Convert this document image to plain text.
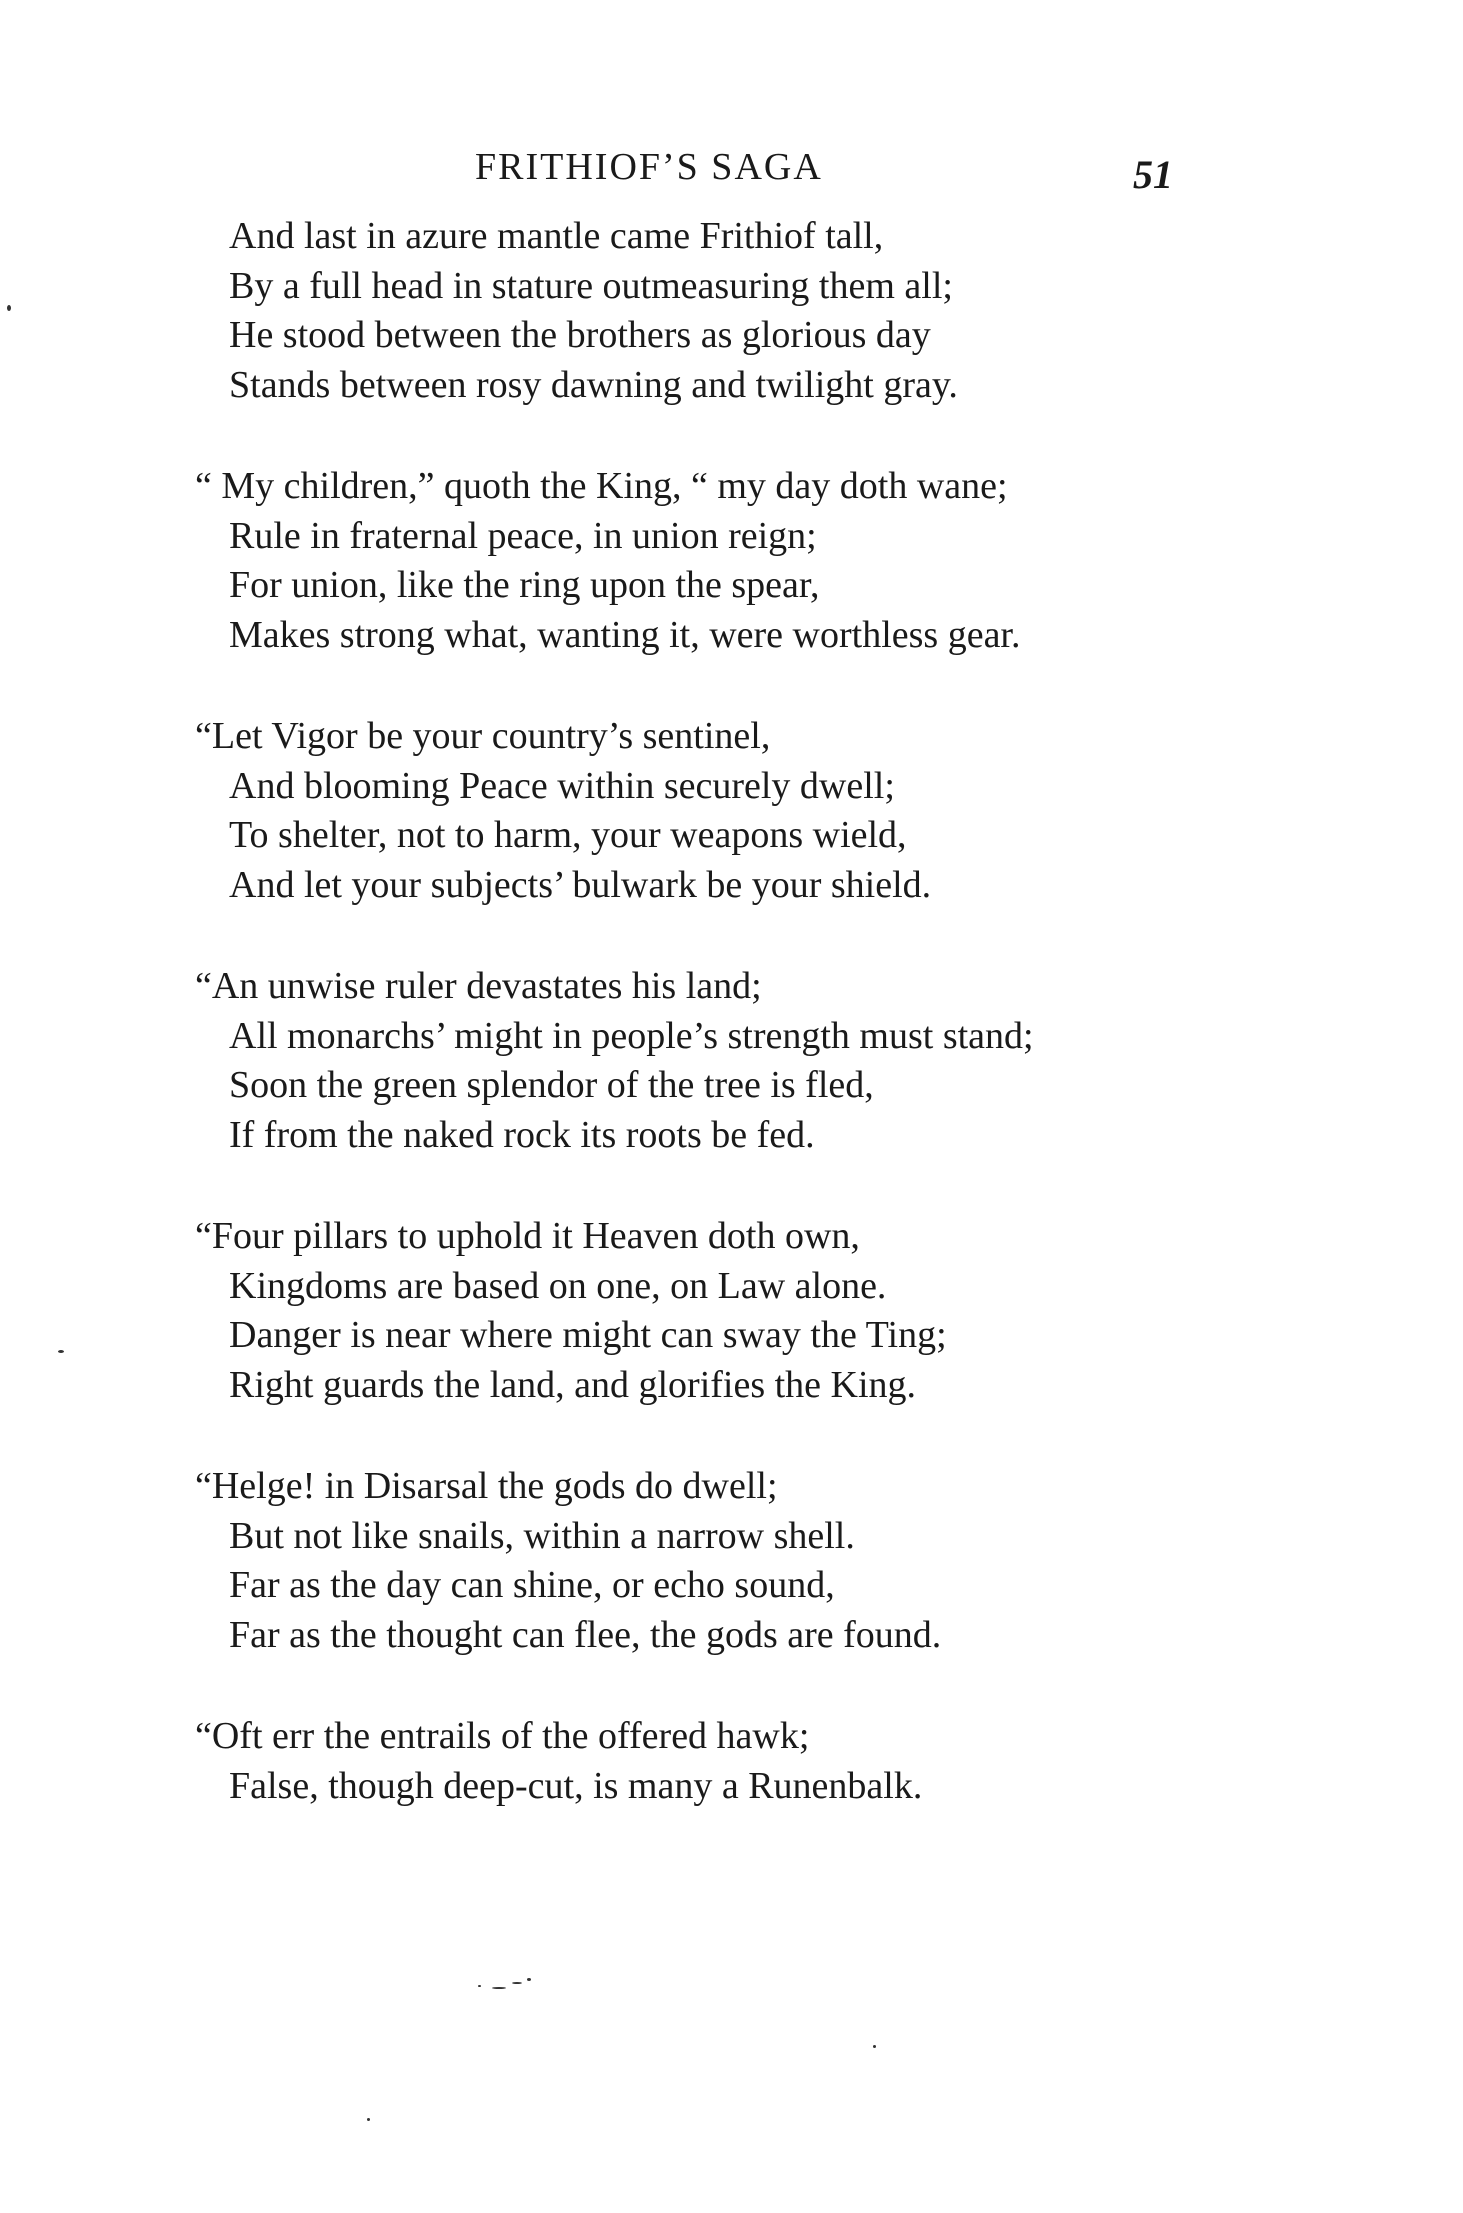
FRITHIOF’S SAGA	51
And last in azure mantle came Frithiof tall,
By a full head in stature outmeasuring them all;
He stood between the brothers as glorious day
Stands between rosy dawning and twilight gray.
“ My children,” quoth the King, “ my day doth wane;
Rule in fraternal peace, in union reign;
For union, like the ring upon the spear,
Makes strong what, wanting it, were worthless gear.
“Let Vigor be your country’s sentinel,
And blooming Peace within securely dwell;
To shelter, not to harm, your weapons wield,
And let your subjects’ bulwark be your shield.
“An unwise ruler devastates his land;
All monarchs’ might in people’s strength must stand;
Soon the green splendor of the tree is fled,
If from the naked rock its roots be fed.
“Four pillars to uphold it Heaven doth own,
Kingdoms are based on one, on Law alone.
Danger is near where might can sway the Ting;
Right guards the land, and glorifies the King.
“Helge! in Disarsal the gods do dwell;
But not like snails, within a narrow shell.
Far as the day can shine, or echo sound,
Far as the thought can flee, the gods are found.
“Oft err the entrails of the offered hawk;
False, though deep-cut, is many a Runenbalk.
